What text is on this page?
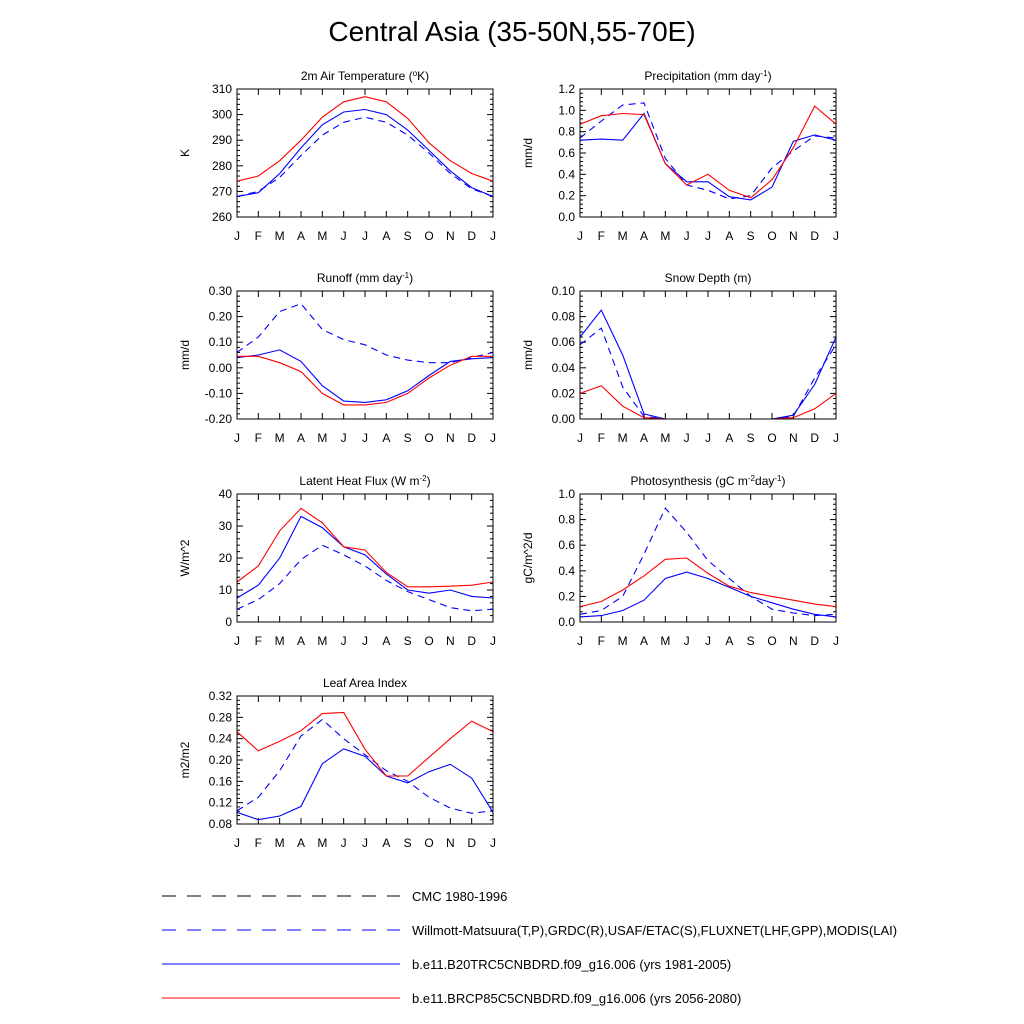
Central Asia (35-50N,55-70E)
2m Air Temperature ($^o$K)
K
260
270
280
290
300
310
J F M A M J J A S O N D J
Precipitation (mm day$^{-1}$)
mm/d
0.0
0.2
0.4
0.6
0.8
1.0
1.2
J F M A M J J A S O N D J
Runoff (mm day$^{-1}$)
mm/d
-0.20
-0.10
0.00
0.10
0.20
0.30
J F M A M J J A S O N D J
Snow Depth (m)
mm/d
0.00
0.02
0.04
0.06
0.08
0.10
J F M A M J J A S O N D J
Latent Heat Flux (W $m^{-2}$)
W/m^2
0
10
20
30
40
J F M A M J J A S O N D J
Photosynthesis (gC $m^{-2}day^{-1}$)
gC/m^2/d
0.0
0.2
0.4
0.6
0.8
1.0
J F M A M J J A S O N D J
Leaf Area Index
m2/m2
0.08
0.12
0.16
0.20
0.24
0.28
0.32
J F M A M J J A S O N D J
CMC 1980-1996
Willmott-Matsuura(T,P),GRDC(R),USAF/ETAC(S),FLUXNET(LHF,GPP),MODIS(LAI)
b.e11.B20TRC5CNBDRD.f09_g16.006 (yrs 1981-2005)
b.e11.BRCP85C5CNBDRD.f09_g16.006 (yrs 2056-2080)
